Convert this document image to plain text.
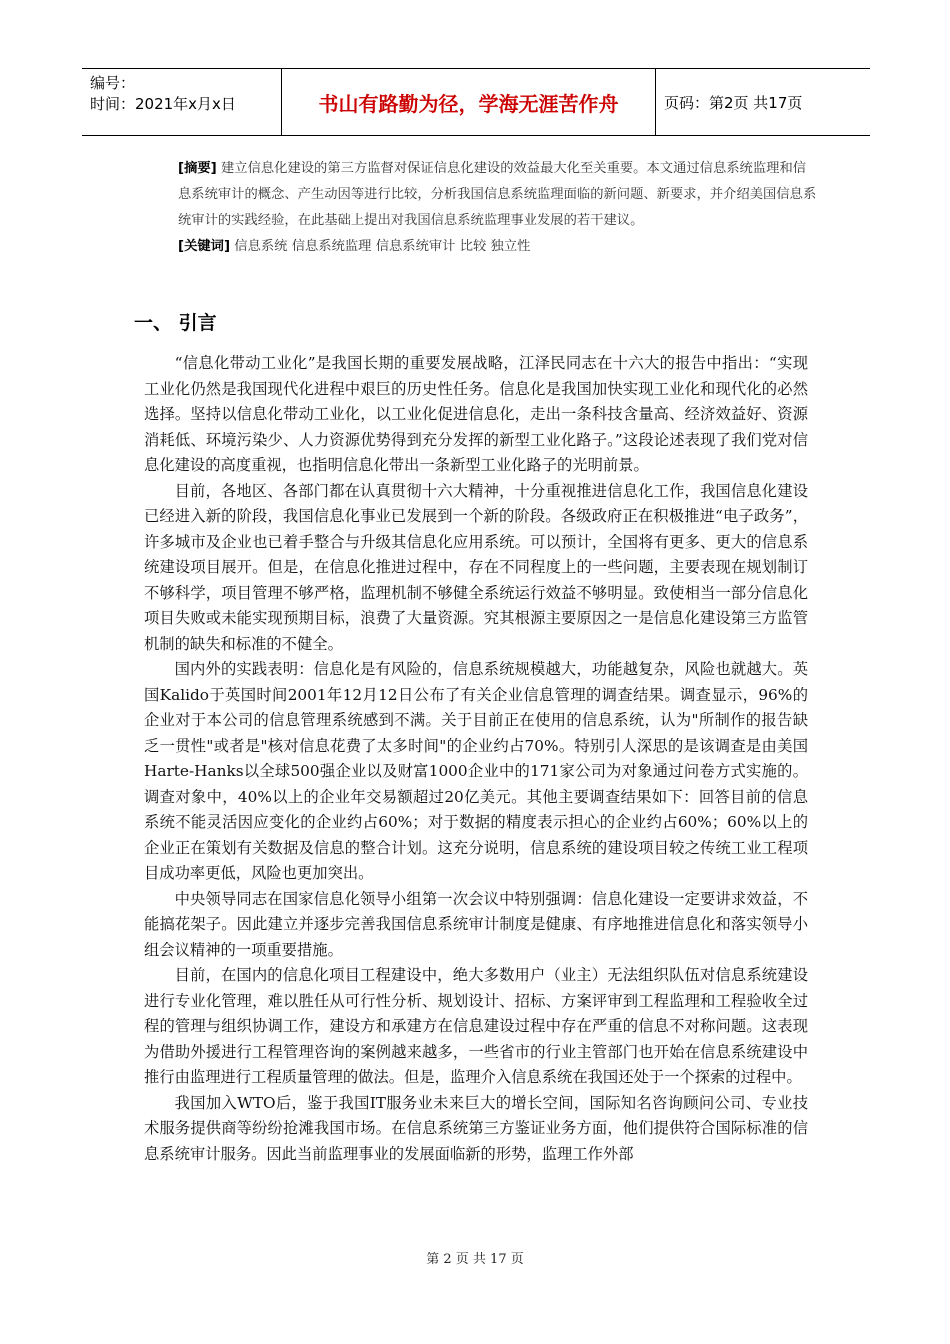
编号：
时间：2021年x月x日	书山有路勤为径，学海无涯苦作舟	页码：第2页 共17页

[摘要] 建立信息化建设的第三方监督对保证信息化建设的效益最大化至关重要。本文通过信息系统监理和信息系统审计的概念、产生动因等进行比较，分析我国信息系统监理面临的新问题、新要求，并介绍美国信息系统审计的实践经验，在此基础上提出对我国信息系统监理事业发展的若干建议。

[关键词] 信息系统 信息系统监理 信息系统审计 比较 独立性

一、 引言

“信息化带动工业化”是我国长期的重要发展战略，江泽民同志在十六大的报告中指出：“实现工业化仍然是我国现代化进程中艰巨的历史性任务。信息化是我国加快实现工业化和现代化的必然选择。坚持以信息化带动工业化，以工业化促进信息化，走出一条科技含量高、经济效益好、资源消耗低、环境污染少、人力资源优势得到充分发挥的新型工业化路子。”这段论述表现了我们党对信息化建设的高度重视，也指明信息化带出一条新型工业化路子的光明前景。

目前，各地区、各部门都在认真贯彻十六大精神，十分重视推进信息化工作，我国信息化建设已经进入新的阶段，我国信息化事业已发展到一个新的阶段。各级政府正在积极推进“电子政务”，许多城市及企业也已着手整合与升级其信息化应用系统。可以预计，全国将有更多、更大的信息系统建设项目展开。但是，在信息化推进过程中，存在不同程度上的一些问题，主要表现在规划制订不够科学，项目管理不够严格，监理机制不够健全系统运行效益不够明显。致使相当一部分信息化项目失败或未能实现预期目标，浪费了大量资源。究其根源主要原因之一是信息化建设第三方监管机制的缺失和标准的不健全。

国内外的实践表明：信息化是有风险的，信息系统规模越大，功能越复杂，风险也就越大。英国Kalido于英国时间2001年12月12日公布了有关企业信息管理的调查结果。调查显示，96%的企业对于本公司的信息管理系统感到不满。关于目前正在使用的信息系统，认为"所制作的报告缺乏一贯性"或者是"核对信息花费了太多时间"的企业约占70%。特别引人深思的是该调查是由美国Harte-Hanks以全球500强企业以及财富1000企业中的171家公司为对象通过问卷方式实施的。调查对象中，40%以上的企业年交易额超过20亿美元。其他主要调查结果如下：回答目前的信息系统不能灵活因应变化的企业约占60%；对于数据的精度表示担心的企业约占60%；60%以上的企业正在策划有关数据及信息的整合计划。这充分说明，信息系统的建设项目较之传统工业工程项目成功率更低，风险也更加突出。

中央领导同志在国家信息化领导小组第一次会议中特别强调：信息化建设一定要讲求效益，不能搞花架子。因此建立并逐步完善我国信息系统审计制度是健康、有序地推进信息化和落实领导小组会议精神的一项重要措施。

目前，在国内的信息化项目工程建设中，绝大多数用户（业主）无法组织队伍对信息系统建设进行专业化管理，难以胜任从可行性分析、规划设计、招标、方案评审到工程监理和工程验收全过程的管理与组织协调工作，建设方和承建方在信息建设过程中存在严重的信息不对称问题。这表现为借助外援进行工程管理咨询的案例越来越多，一些省市的行业主管部门也开始在信息系统建设中推行由监理进行工程质量管理的做法。但是，监理介入信息系统在我国还处于一个探索的过程中。

我国加入WTO后，鉴于我国IT服务业未来巨大的增长空间，国际知名咨询顾问公司、专业技术服务提供商等纷纷抢滩我国市场。在信息系统第三方鉴证业务方面，他们提供符合国际标准的信息系统审计服务。因此当前监理事业的发展面临新的形势，监理工作外部

第 2 页 共 17 页
